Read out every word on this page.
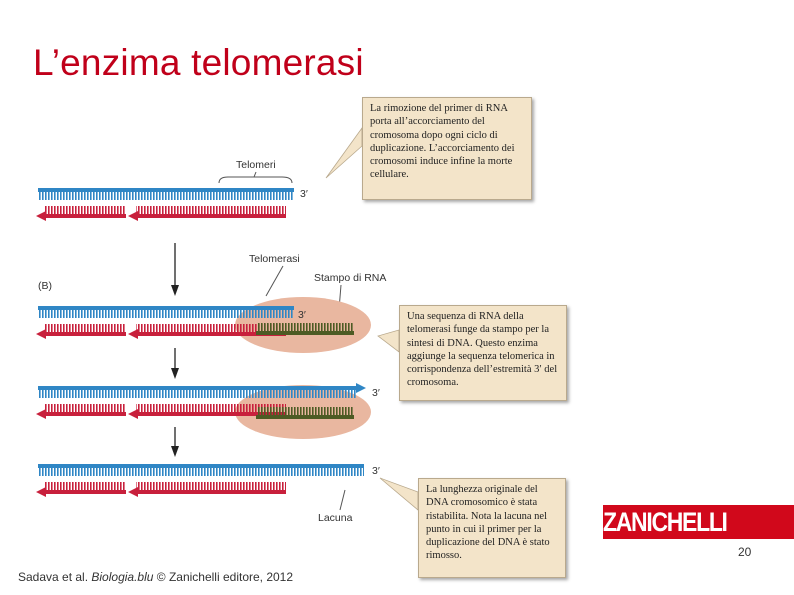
L’enzima telomerasi
Telomeri
3′
(B)
Telomerasi
Stampo di RNA
3′
3′
3′
Lacuna
La rimozione del primer di RNA porta all’accorciamento del cromosoma dopo ogni ciclo di duplicazione. L’accorciamento dei cromosomi induce infine la morte cellulare.
Una sequenza di RNA della telomerasi funge da stampo per la sintesi di DNA. Questo enzima aggiunge la sequenza telomerica in corrispondenza dell’estremità 3′ del cromosoma.
La lunghezza originale del DNA cromosomico è stata ristabilita. Nota la lacuna nel punto in cui il primer per la duplicazione del DNA è stato rimosso.
ZANICHELLI
20
Sadava et al. Biologia.blu © Zanichelli editore, 2012
